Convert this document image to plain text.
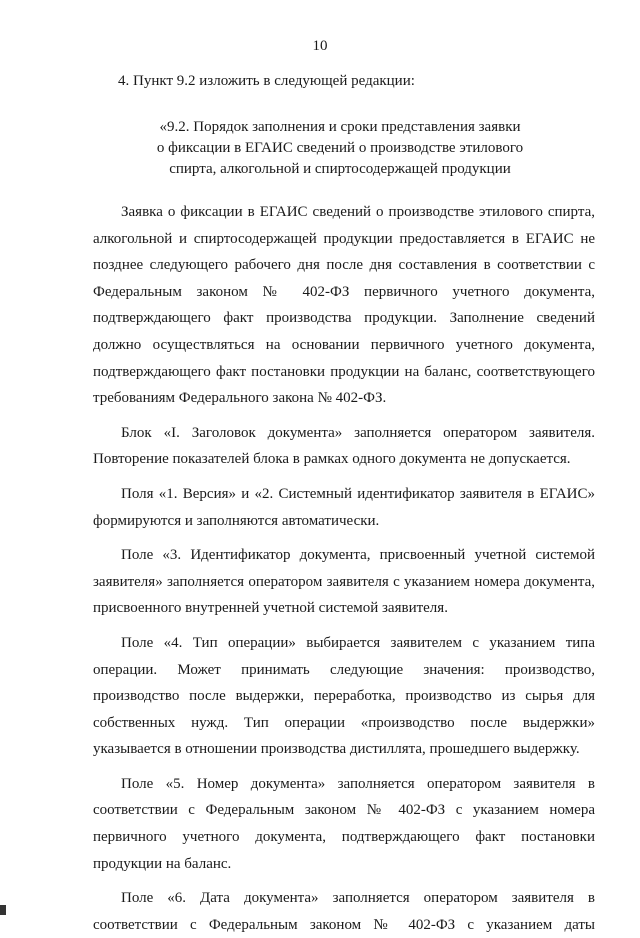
10
4. Пункт 9.2 изложить в следующей редакции:
«9.2. Порядок заполнения и сроки представления заявки
о фиксации в ЕГАИС сведений о производстве этилового
спирта, алкогольной и спиртосодержащей продукции
Заявка о фиксации в ЕГАИС сведений о производстве этилового спирта,
алкогольной и спиртосодержащей продукции предоставляется в ЕГАИС не
позднее следующего рабочего дня после дня составления в соответствии с
Федеральным законом № 402-ФЗ первичного учетного документа,
подтверждающего факт производства продукции. Заполнение сведений
должно осуществляться на основании первичного учетного документа,
подтверждающего факт постановки продукции на баланс, соответствующего
требованиям Федерального закона № 402-ФЗ.
Блок «I. Заголовок документа» заполняется оператором заявителя.
Повторение показателей блока в рамках одного документа не допускается.
Поля «1. Версия» и «2. Системный идентификатор заявителя в ЕГАИС»
формируются и заполняются автоматически.
Поле «3. Идентификатор документа, присвоенный учетной системой
заявителя» заполняется оператором заявителя с указанием номера документа,
присвоенного внутренней учетной системой заявителя.
Поле «4. Тип операции» выбирается заявителем с указанием типа
операции. Может принимать следующие значения: производство,
производство после выдержки, переработка, производство из сырья для
собственных нужд. Тип операции «производство после выдержки»
указывается в отношении производства дистиллята, прошедшего выдержку.
Поле «5. Номер документа» заполняется оператором заявителя в
соответствии с Федеральным законом № 402-ФЗ с указанием номера
первичного учетного документа, подтверждающего факт постановки
продукции на баланс.
Поле «6. Дата документа» заполняется оператором заявителя в
соответствии с Федеральным законом № 402-ФЗ с указанием даты
